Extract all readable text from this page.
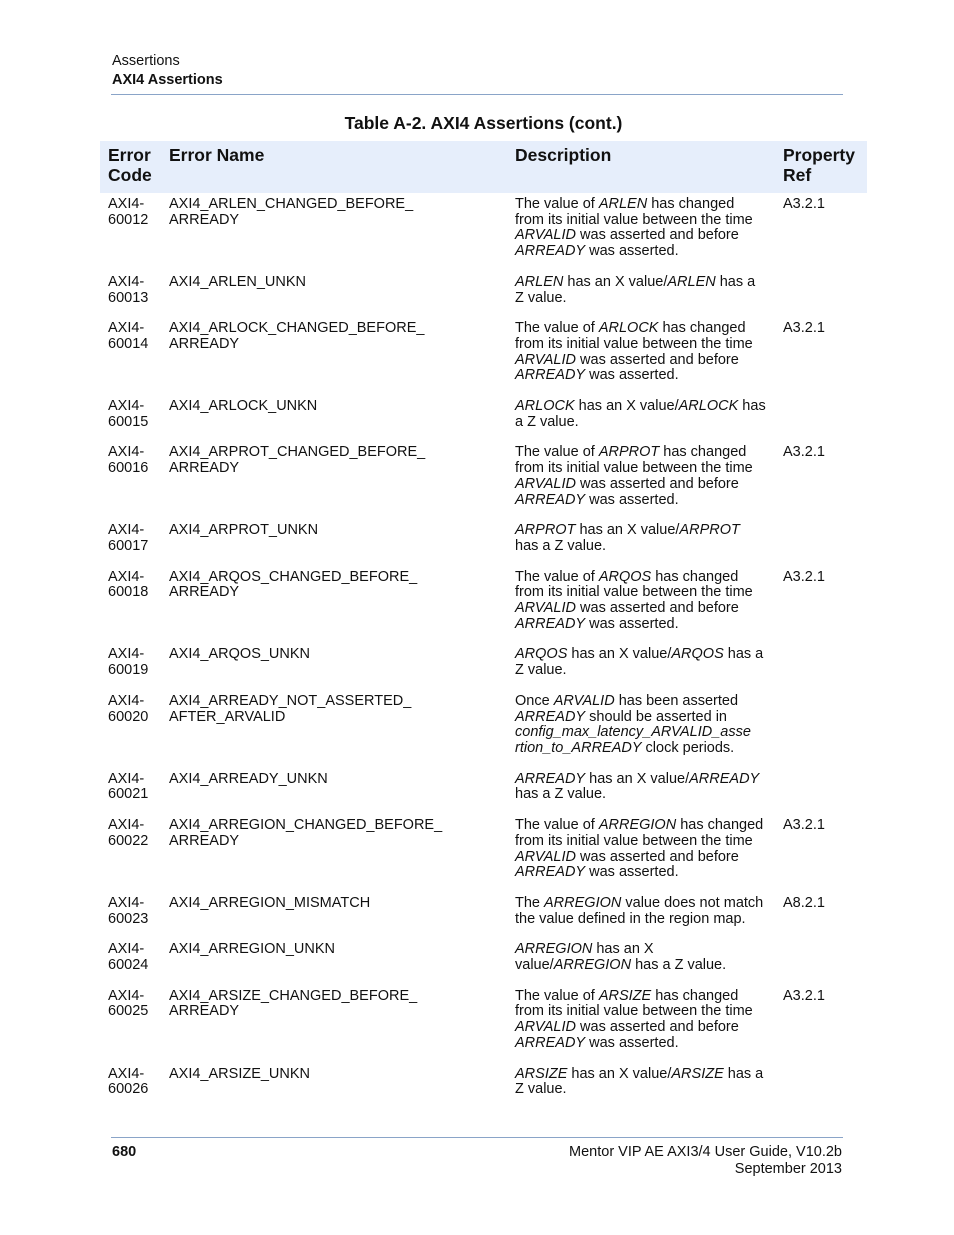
Assertions
AXI4 Assertions
Table A-2. AXI4 Assertions (cont.)
Error
Code	Error Name	Description	Property
Ref
AXI4-
60012	AXI4_ARLEN_CHANGED_BEFORE_
ARREADY	The value of ARLEN has changed from its initial value between the time ARVALID was asserted and before ARREADY was asserted.	A3.2.1
AXI4-
60013	AXI4_ARLEN_UNKN	ARLEN has an X value/ARLEN has a Z value.	
AXI4-
60014	AXI4_ARLOCK_CHANGED_BEFORE_
ARREADY	The value of ARLOCK has changed from its initial value between the time ARVALID was asserted and before ARREADY was asserted.	A3.2.1
AXI4-
60015	AXI4_ARLOCK_UNKN	ARLOCK has an X value/ARLOCK has a Z value.	
AXI4-
60016	AXI4_ARPROT_CHANGED_BEFORE_
ARREADY	The value of ARPROT has changed from its initial value between the time ARVALID was asserted and before ARREADY was asserted.	A3.2.1
AXI4-
60017	AXI4_ARPROT_UNKN	ARPROT has an X value/ARPROT has a Z value.	
AXI4-
60018	AXI4_ARQOS_CHANGED_BEFORE_
ARREADY	The value of ARQOS has changed from its initial value between the time ARVALID was asserted and before ARREADY was asserted.	A3.2.1
AXI4-
60019	AXI4_ARQOS_UNKN	ARQOS has an X value/ARQOS has a Z value.	
AXI4-
60020	AXI4_ARREADY_NOT_ASSERTED_
AFTER_ARVALID	Once ARVALID has been asserted ARREADY should be asserted in config_max_latency_ARVALID_asse rtion_to_ARREADY clock periods.	
AXI4-
60021	AXI4_ARREADY_UNKN	ARREADY has an X value/ARREADY has a Z value.	
AXI4-
60022	AXI4_ARREGION_CHANGED_BEFORE_
ARREADY	The value of ARREGION has changed from its initial value between the time ARVALID was asserted and before ARREADY was asserted.	A3.2.1
AXI4-
60023	AXI4_ARREGION_MISMATCH	The ARREGION value does not match the value defined in the region map.	A8.2.1
AXI4-
60024	AXI4_ARREGION_UNKN	ARREGION has an X value/ARREGION has a Z value.	
AXI4-
60025	AXI4_ARSIZE_CHANGED_BEFORE_
ARREADY	The value of ARSIZE has changed from its initial value between the time ARVALID was asserted and before ARREADY was asserted.	A3.2.1
AXI4-
60026	AXI4_ARSIZE_UNKN	ARSIZE has an X value/ARSIZE has a Z value.	
680	Mentor VIP AE AXI3/4 User Guide, V10.2b
September 2013
